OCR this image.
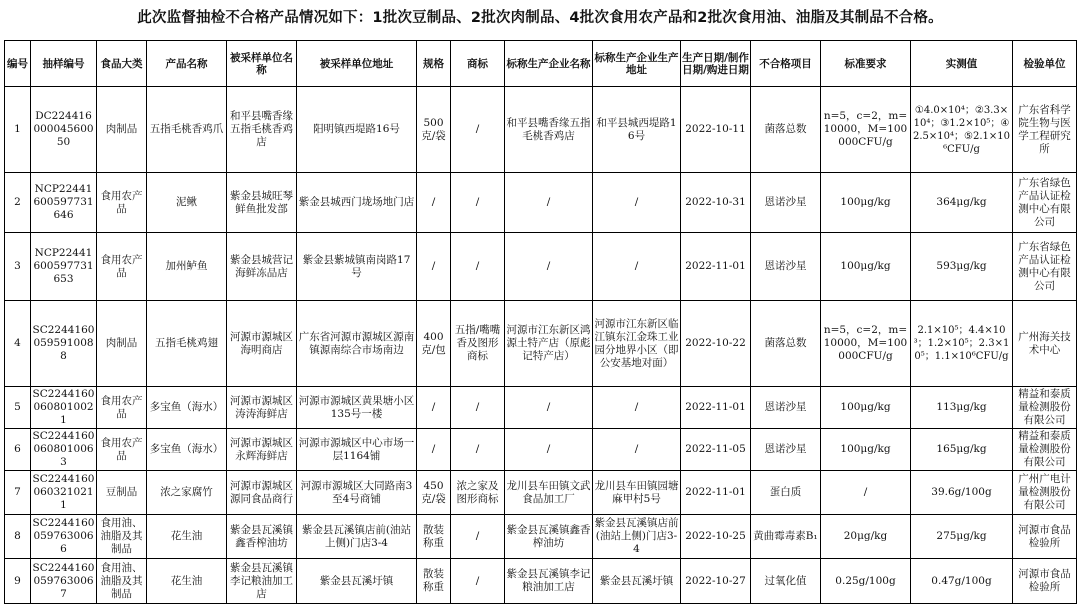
此次监督抽检不合格产品情况如下：1批次豆制品、2批次肉制品、4批次食用农产品和2批次食用油、油脂及其制品不合格。
编号	抽样编号	食品大类	产品名称	被采样单位名称	被采样单位地址	规格	商标	标称生产企业名称	标称生产企业生产地址	生产日期/制作日期/购进日期	不合格项目	标准要求	实测值	检验单位
1	DC22441600004560050	肉制品	五指毛桃香鸡爪	和平县嘴香缘五指毛桃香鸡店	阳明镇西堤路16号	500克/袋	/	和平县嘴香缘五指毛桃香鸡店	和平县城西堤路16号	2022-10-11	菌落总数	n=5，c=2，m=10000，M=100000CFU/g	①4.0×10⁴；②3.3×10⁴；③1.2×10⁵；④2.5×10⁴；⑤2.1×10⁶CFU/g	广东省科学院生物与医学工程研究所
2	NCP22441600597731646	食用农产品	泥鳅	紫金县城旺琴鲜鱼批发部	紫金县城西门垅场地门店	/	/	/	/	2022-10-31	恩诺沙星	100μg/kg	364μg/kg	广东省绿色产品认证检测中心有限公司
3	NCP22441600597731653	食用农产品	加州鲈鱼	紫金县城营记海鲜冻品店	紫金县紫城镇南岗路17号	/	/	/	/	2022-11-01	恩诺沙星	100μg/kg	593μg/kg	广东省绿色产品认证检测中心有限公司
4	SC22441600595910088	肉制品	五指毛桃鸡翅	河源市源城区海明商店	广东省河源市源城区源南镇源南综合市场南边	400克/包	五指/嘴嘴香及图形商标	河源市江东新区鸿源土特产店（原彪记特产店）	河源市江东新区临江镇东江金珠工业园分地界小区（即公安基地对面）	2022-10-22	菌落总数	n=5，c=2，m=10000，M=100000CFU/g	2.1×10⁵；4.4×10³；1.2×10⁵；2.3×10⁵；1.1×10⁶CFU/g	广州海关技术中心
5	SC22441600608010021	食用农产品	多宝鱼（海水）	河源市源城区涛涛海鲜店	河源市源城区黄果塘小区135号一楼	/	/	/	/	2022-11-01	恩诺沙星	100μg/kg	113μg/kg	精益和泰质量检测股份有限公司
6	SC22441600608010063	食用农产品	多宝鱼（海水）	河源市源城区永辉海鲜店	河源市源城区中心市场一层1164铺	/	/	/	/	2022-11-05	恩诺沙星	100μg/kg	165μg/kg	精益和泰质量检测股份有限公司
7	SC22441600603210211	豆制品	浓之家腐竹	河源市源城区源同食品商行	河源市源城区大同路南3至4号商铺	450克/袋	浓之家及图形商标	龙川县车田镇文武食品加工厂	龙川县车田镇园塘麻甲村5号	2022-11-01	蛋白质	/	39.6g/100g	广州广电计量检测股份有限公司
8	SC22441600597630066	食用油、油脂及其制品	花生油	紫金县瓦溪镇鑫香榨油坊	紫金县瓦溪镇店前(油站上侧)门店3-4	散装称重	/	紫金县瓦溪镇鑫香榨油坊	紫金县瓦溪镇店前(油站上侧)门店3-4	2022-10-25	黄曲霉毒素B₁	20μg/kg	275μg/kg	河源市食品检验所
9	SC22441600597630067	食用油、油脂及其制品	花生油	紫金县瓦溪镇李记粮油加工店	紫金县瓦溪圩镇	散装称重	/	紫金县瓦溪镇李记粮油加工店	紫金县瓦溪圩镇	2022-10-27	过氧化值	0.25g/100g	0.47g/100g	河源市食品检验所
